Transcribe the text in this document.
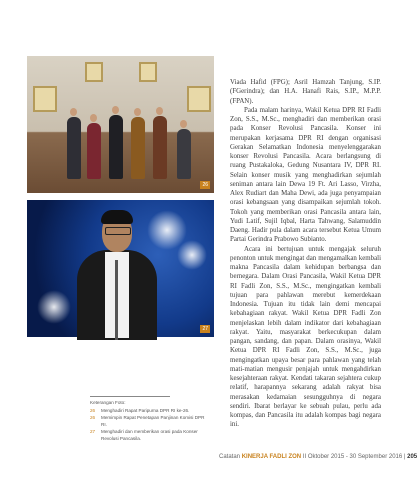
26
27

Viada Hafid (FPG); Asril Hamzah Tanjung, S.IP. (FGerindra); dan H.A. Hanafi Rais, S.IP., M.P.P. (FPAN).

Pada malam harinya, Wakil Ketua DPR RI Fadli Zon, S.S., M.Sc., menghadiri dan memberikan orasi pada Konser Revolusi Pancasila. Konser ini merupakan kerjasama DPR RI dengan organisasi Gerakan Selamatkan Indonesia menyelenggarakan konser Revolusi Pancasila. Acara berlangsung di ruang Pustakaloka, Gedung Nusantara IV, DPR RI. Selain konser musik yang menghadirkan sejumlah seniman antara lain Dewa 19 Ft. Ari Lasso, Virzha, Alex Rudiart dan Maha Dewi, ada juga penyampaian orasi kebangsaan yang disampaikan sejumlah tokoh. Tokoh yang memberikan orasi Pancasila antara lain, Yudi Latif, Sujil Iqbal, Harta Tahwang, Salamuddin Daeng. Hadir pula dalam acara tersebut Ketua Umum Partai Gerindra Prabowo Subianto.

Acara ini bertujuan untuk mengajak seluruh penonton untuk mengingat dan mengamalkan kembali makna Pancasila dalam kehidupan berbangsa dan bernegara. Dalam Orasi Pancasila, Wakil Ketua DPR RI Fadli Zon, S.S., M.Sc., mengingatkan kembali tujuan para pahlawan merebut kemerdekaan Indonesia. Tujuan itu tidak lain demi mencapai kebahagiaan rakyat. Wakil Ketua DPR Fadli Zon menjelaskan lebih dalam indikator dari kebahagiaan rakyat. Yaitu, masyarakat berkecukupan dalam pangan, sandang, dan papan. Dalam orasinya, Wakil Ketua DPR RI Fadli Zon, S.S., M.Sc., juga mengingatkan upaya besar para pahlawan yang telah mati-matian mengusir penjajah untuk mengahdirkan kesejahteraan rakyat. Kendati takaran sejahtera cukup relatif, harapannya sekarang adalah rakyat bisa merasakan kedamaian sesungguhnya di negara sendiri. Ibarat berlayar ke sebuah pulau, perlu ada kompas, dan Pancasila itu adalah kompas bagi negara ini.

Keterangan Foto:
26	Menghadiri Rapat Paripurna DPR RI ke-26.
26	Memimpin Rapat Penetapan Panjinan Komisi DPR RI.
27	Menghadiri dan memberikan orasi pada Konser Revolusi Pancasila.
Catatan KINERJA FADLI ZON II Oktober 2015 - 30 September 2016 | 205
